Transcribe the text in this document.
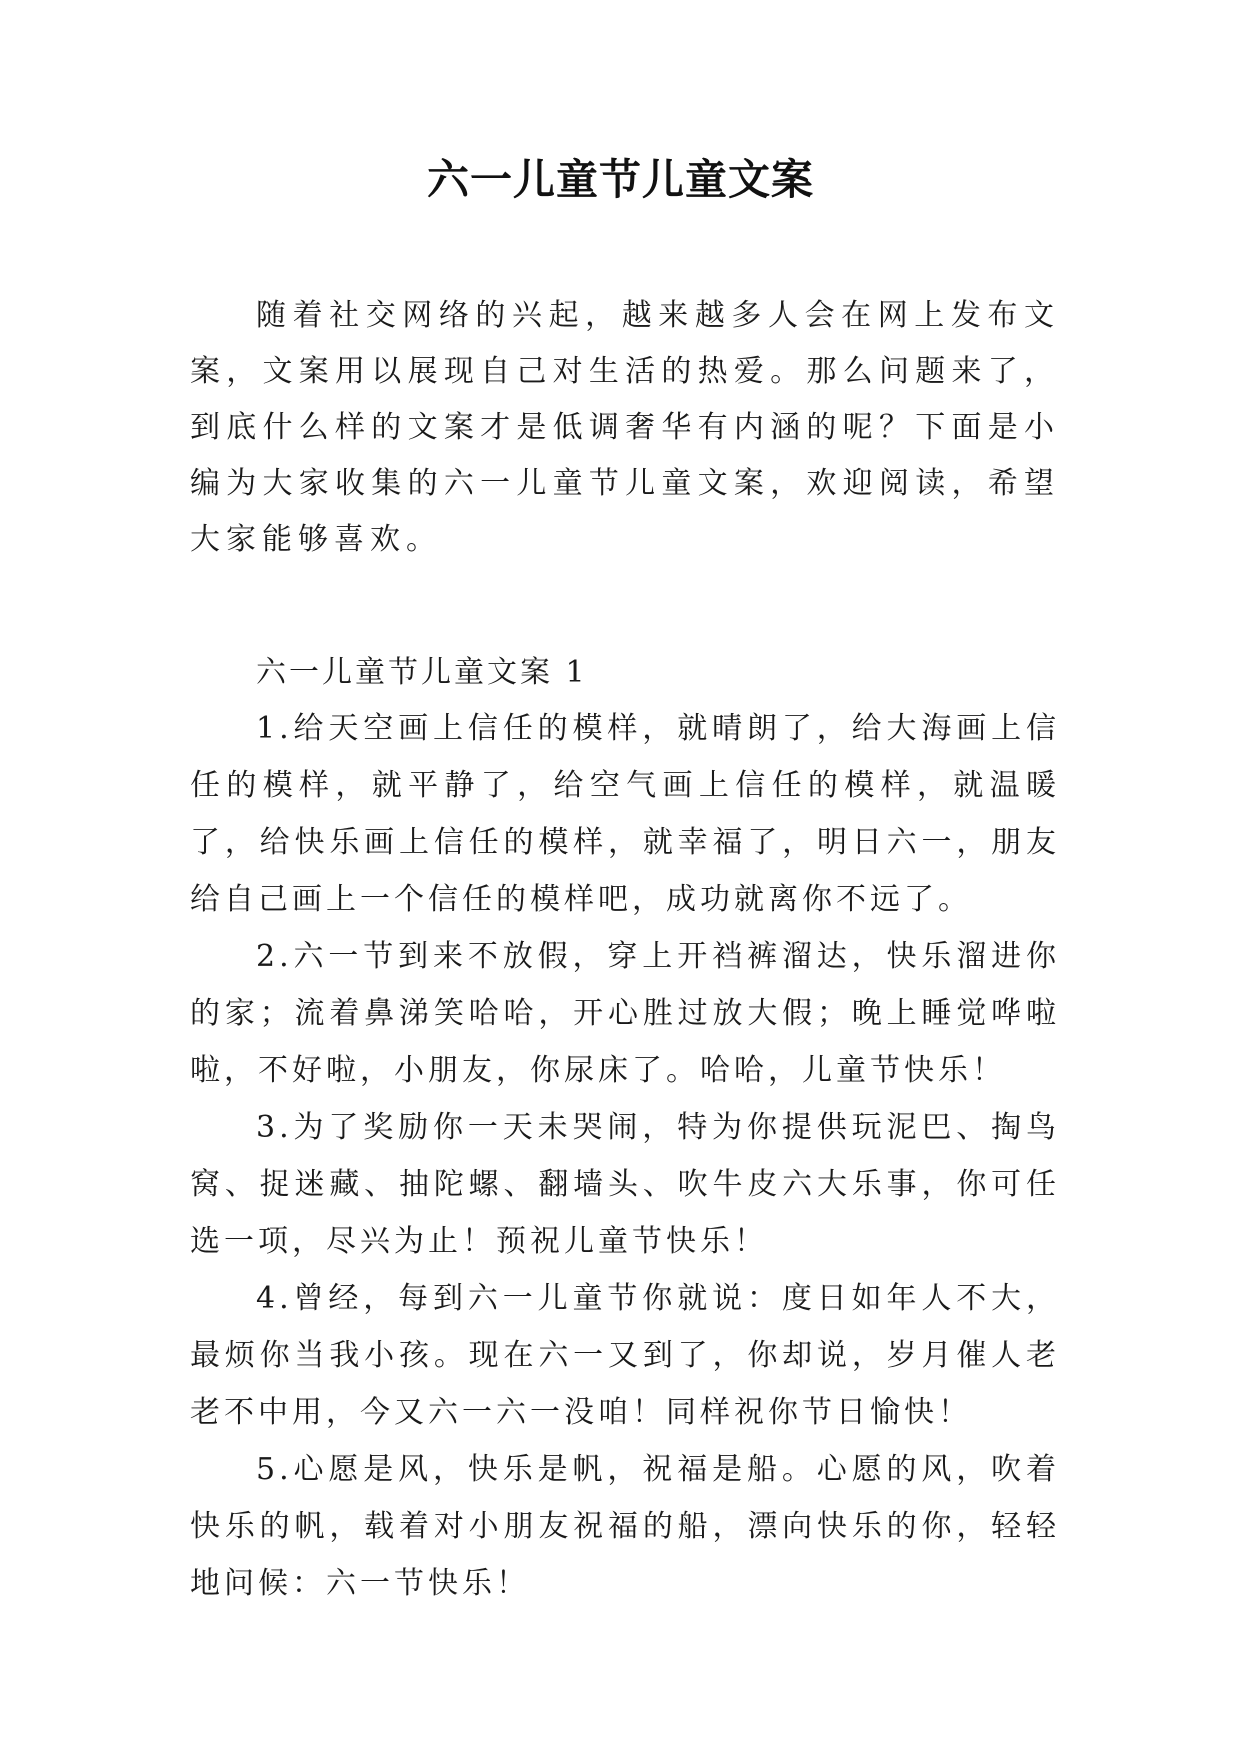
六一儿童节儿童文案

随着社交网络的兴起，越来越多人会在网上发布文案，文案用以展现自己对生活的热爱。那么问题来了，到底什么样的文案才是低调奢华有内涵的呢？下面是小编为大家收集的六一儿童节儿童文案，欢迎阅读，希望大家能够喜欢。

六一儿童节儿童文案 1

1.给天空画上信任的模样，就晴朗了，给大海画上信任的模样，就平静了，给空气画上信任的模样，就温暖了，给快乐画上信任的模样，就幸福了，明日六一，朋友给自己画上一个信任的模样吧，成功就离你不远了。

2.六一节到来不放假，穿上开裆裤溜达，快乐溜进你的家；流着鼻涕笑哈哈，开心胜过放大假；晚上睡觉哗啦啦，不好啦，小朋友，你尿床了。哈哈，儿童节快乐！

3.为了奖励你一天未哭闹，特为你提供玩泥巴、掏鸟窝、捉迷藏、抽陀螺、翻墙头、吹牛皮六大乐事，你可任选一项，尽兴为止！预祝儿童节快乐！

4.曾经，每到六一儿童节你就说：度日如年人不大，最烦你当我小孩。现在六一又到了，你却说，岁月催人老老不中用，今又六一六一没咱！同样祝你节日愉快！

5.心愿是风，快乐是帆，祝福是船。心愿的风，吹着快乐的帆，载着对小朋友祝福的船，漂向快乐的你，轻轻地问候：六一节快乐！
